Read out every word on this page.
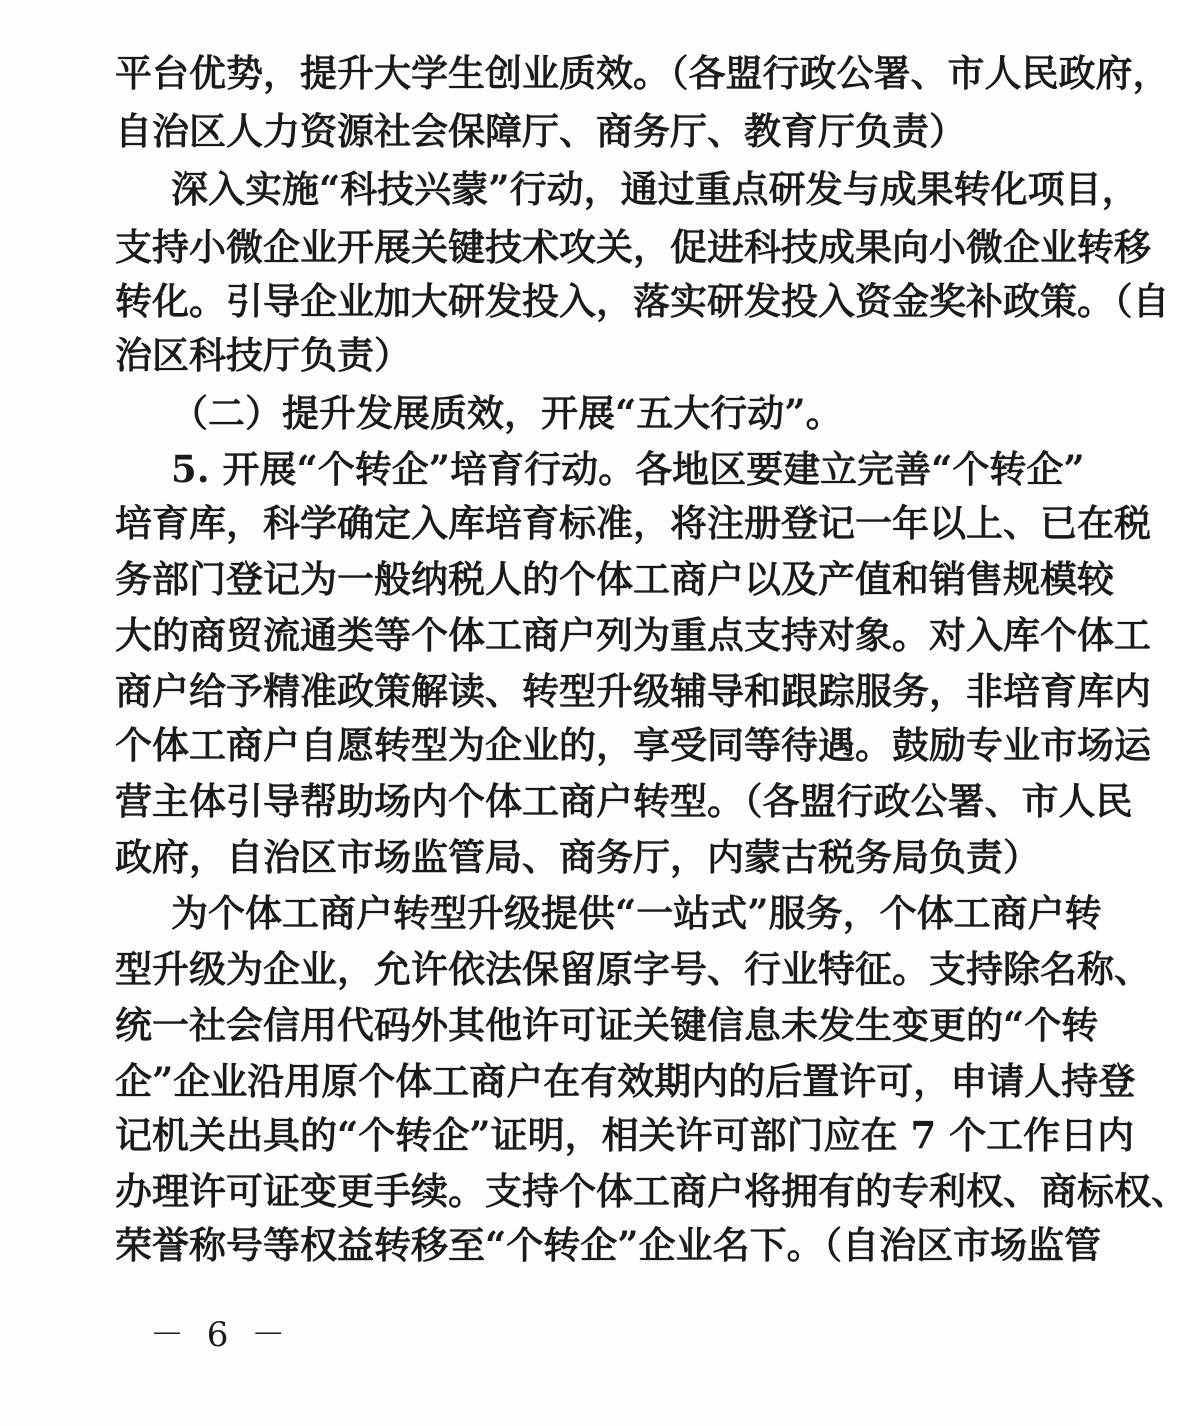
平台优势，提升大学生创业质效。（各盟行政公署、市人民政府，
自治区人力资源社会保障厅、商务厅、教育厅负责）
深入实施“科技兴蒙”行动，通过重点研发与成果转化项目，
支持小微企业开展关键技术攻关，促进科技成果向小微企业转移
转化。引导企业加大研发投入，落实研发投入资金奖补政策。（自
治区科技厅负责）
（二）提升发展质效，开展“五大行动”。
5. 开展“个转企”培育行动。各地区要建立完善“个转企”
培育库，科学确定入库培育标准，将注册登记一年以上、已在税
务部门登记为一般纳税人的个体工商户以及产值和销售规模较
大的商贸流通类等个体工商户列为重点支持对象。对入库个体工
商户给予精准政策解读、转型升级辅导和跟踪服务，非培育库内
个体工商户自愿转型为企业的，享受同等待遇。鼓励专业市场运
营主体引导帮助场内个体工商户转型。（各盟行政公署、市人民
政府，自治区市场监管局、商务厅，内蒙古税务局负责）
为个体工商户转型升级提供“一站式”服务，个体工商户转
型升级为企业，允许依法保留原字号、行业特征。支持除名称、
统一社会信用代码外其他许可证关键信息未发生变更的“个转
企”企业沿用原个体工商户在有效期内的后置许可，申请人持登
记机关出具的“个转企”证明，相关许可部门应在 7 个工作日内
办理许可证变更手续。支持个体工商户将拥有的专利权、商标权、
荣誉称号等权益转移至“个转企”企业名下。（自治区市场监管
－ 6 －
